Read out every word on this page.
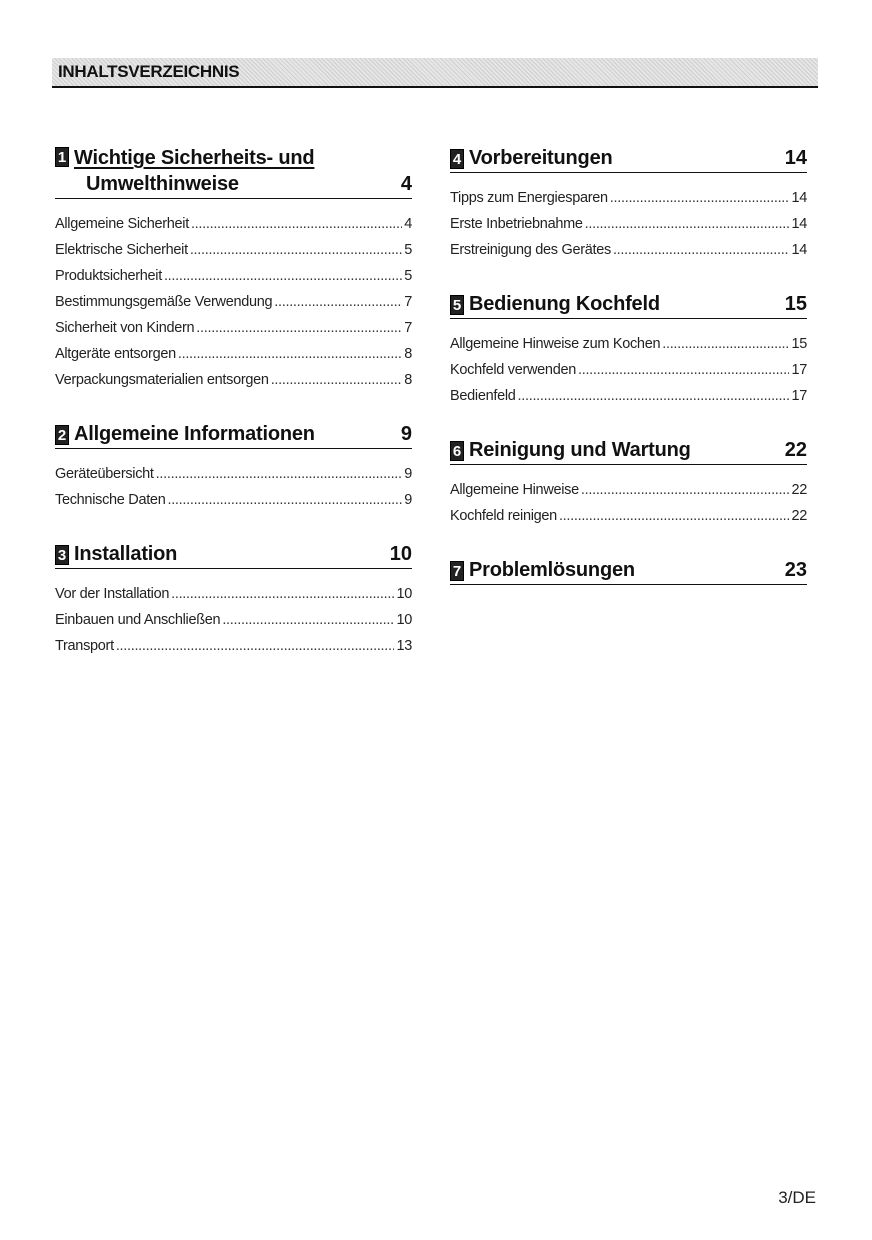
INHALTSVERZEICHNIS
1 Wichtige Sicherheits- und
Umwelthinweise	4
Allgemeine Sicherheit .....	4
Elektrische Sicherheit .....	5
Produktsicherheit .....	5
Bestimmungsgemäße Verwendung .....	7
Sicherheit von Kindern .....	7
Altgeräte entsorgen .....	8
Verpackungsmaterialien entsorgen .....	8
2 Allgemeine Informationen	9
Geräteübersicht .....	9
Technische Daten .....	9
3 Installation	10
Vor der Installation .....	10
Einbauen und Anschließen .....	10
Transport .....	13
4 Vorbereitungen	14
Tipps zum Energiesparen .....	14
Erste Inbetriebnahme .....	14
Erstreinigung des Gerätes .....	14
5 Bedienung Kochfeld	15
Allgemeine Hinweise zum Kochen .....	15
Kochfeld verwenden .....	17
Bedienfeld .....	17
6 Reinigung und Wartung	22
Allgemeine Hinweise .....	22
Kochfeld reinigen .....	22
7 Problemlösungen	23
3/DE
